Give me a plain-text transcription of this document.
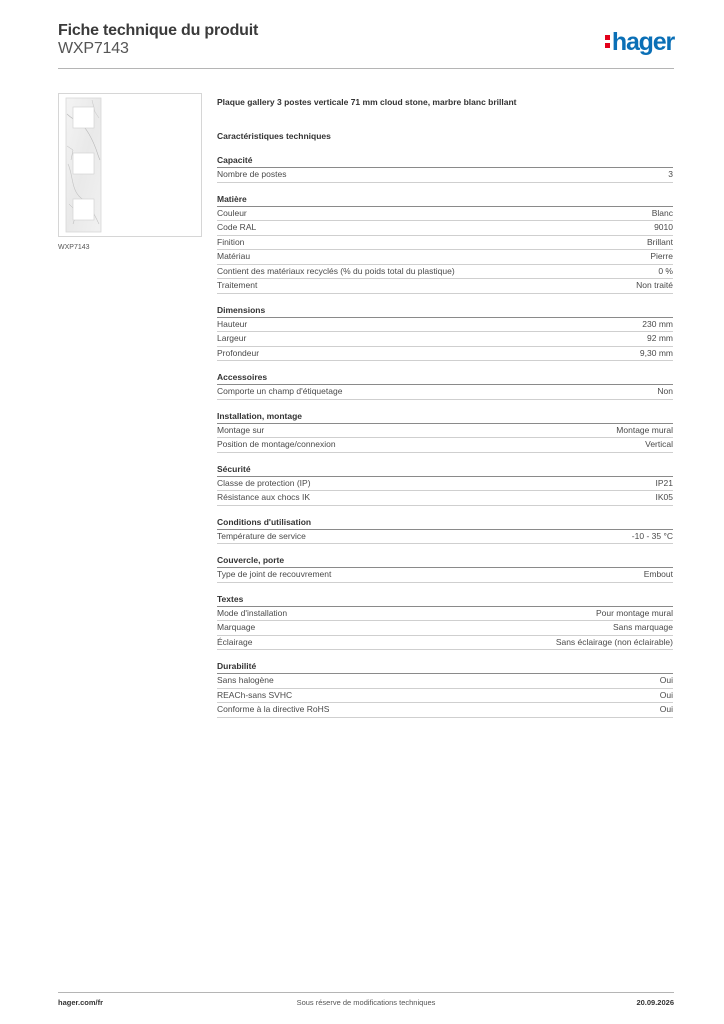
Fiche technique du produit
WXP7143	hager
WXP7143
Plaque gallery 3 postes verticale 71 mm cloud stone, marbre blanc brillant
Caractéristiques techniques
Capacité
Nombre de postes	3
Matière
Couleur	Blanc
Code RAL	9010
Finition	Brillant
Matériau	Pierre
Contient des matériaux recyclés (% du poids total du plastique)	0 %
Traitement	Non traité
Dimensions
Hauteur	230 mm
Largeur	92 mm
Profondeur	9,30 mm
Accessoires
Comporte un champ d'étiquetage	Non
Installation, montage
Montage sur	Montage mural
Position de montage/connexion	Vertical
Sécurité
Classe de protection (IP)	IP21
Résistance aux chocs IK	IK05
Conditions d'utilisation
Température de service	-10 - 35 °C
Couvercle, porte
Type de joint de recouvrement	Embout
Textes
Mode d'installation	Pour montage mural
Marquage	Sans marquage
Éclairage	Sans éclairage (non éclairable)
Durabilité
Sans halogène	Oui
REACh-sans SVHC	Oui
Conforme à la directive RoHS	Oui
Sous réserve de modifications techniques
hager.com/fr	20.09.2026
